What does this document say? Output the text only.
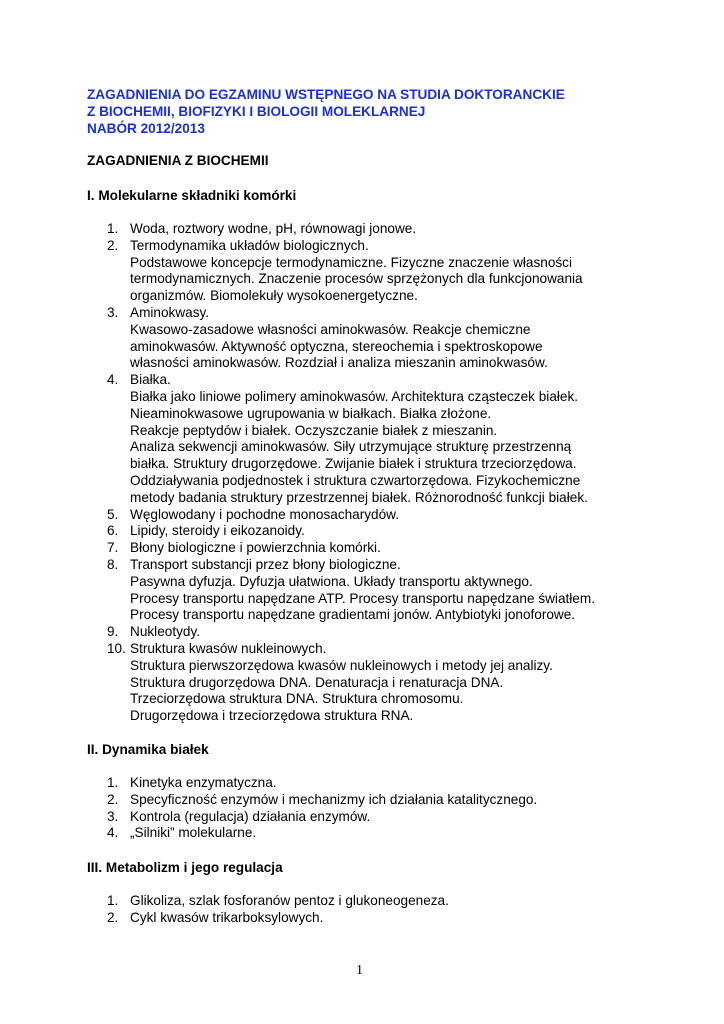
ZAGADNIENIA DO EGZAMINU WSTĘPNEGO NA STUDIA DOKTORANCKIE
Z BIOCHEMII, BIOFIZYKI I BIOLOGII MOLEKLARNEJ
NABÓR 2012/2013
ZAGADNIENIA Z BIOCHEMII
I. Molekularne składniki komórki
1. Woda, roztwory wodne, pH, równowagi jonowe.
2. Termodynamika układów biologicznych.
Podstawowe koncepcje termodynamiczne. Fizyczne znaczenie własności
termodynamicznych. Znaczenie procesów sprzężonych dla funkcjonowania
organizmów. Biomolekuły wysokoenergetyczne.
3. Aminokwasy.
Kwasowo-zasadowe własności aminokwasów. Reakcje chemiczne
aminokwasów. Aktywność optyczna, stereochemia i spektroskopowe
własności aminokwasów. Rozdział i analiza mieszanin aminokwasów.
4. Białka.
Białka jako liniowe polimery aminokwasów. Architektura cząsteczek białek.
Nieaminokwasowe ugrupowania w białkach. Białka złożone.
Reakcje peptydów i białek. Oczyszczanie białek z mieszanin.
Analiza sekwencji aminokwasów. Siły utrzymujące strukturę przestrzenną
białka. Struktury drugorzędowe. Zwijanie białek i struktura trzeciorzędowa.
Oddziaływania podjednostek i struktura czwartorzędowa. Fizykochemiczne
metody badania struktury przestrzennej białek. Różnorodność funkcji białek.
5. Węglowodany i pochodne monosacharydów.
6. Lipidy, steroidy i eikozanoidy.
7. Błony biologiczne i powierzchnia komórki.
8. Transport substancji przez błony biologiczne.
Pasywna dyfuzja. Dyfuzja ułatwiona. Układy transportu aktywnego.
Procesy transportu napędzane ATP. Procesy transportu napędzane światłem.
Procesy transportu napędzane gradientami jonów. Antybiotyki jonoforowe.
9. Nukleotydy.
10. Struktura kwasów nukleinowych.
Struktura pierwszorzędowa kwasów nukleinowych i metody jej analizy.
Struktura drugorzędowa DNA. Denaturacja i renaturacja DNA.
Trzeciorzędowa struktura DNA. Struktura chromosomu.
Drugorzędowa i trzeciorzędowa struktura RNA.
II. Dynamika białek
1. Kinetyka enzymatyczna.
2. Specyficzność enzymów i mechanizmy ich działania katalitycznego.
3. Kontrola (regulacja) działania enzymów.
4. „Silniki” molekularne.
III. Metabolizm i jego regulacja
1. Glikoliza, szlak fosforanów pentoz i glukoneogeneza.
2. Cykl kwasów trikarboksylowych.
1
